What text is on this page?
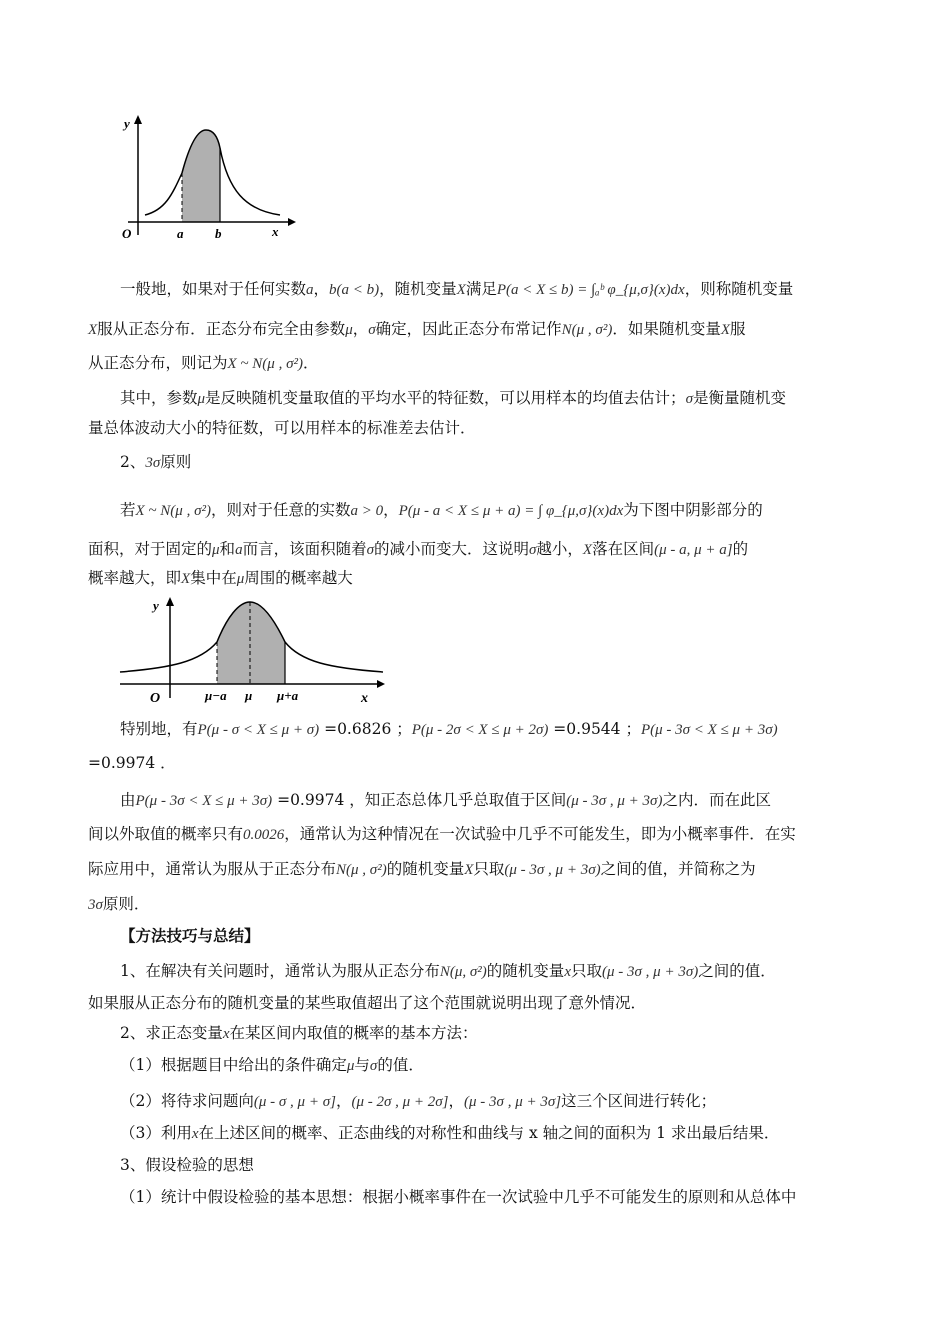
y
O	a b	x
y
O	μ−a μ μ+a	x
一般地，如果对于任何实数a，b(a < b)，随机变量X满足P(a < X ≤ b) = ∫ₐᵇ φ_{μ,σ}(x)dx，则称随机变量
X服从正态分布．正态分布完全由参数μ，σ确定，因此正态分布常记作N(μ , σ²)．如果随机变量X服
从正态分布，则记为X ~ N(μ , σ²)．
其中，参数μ是反映随机变量取值的平均水平的特征数，可以用样本的均值去估计；σ是衡量随机变
量总体波动大小的特征数，可以用样本的标准差去估计．
2、3σ原则
若X ~ N(μ , σ²)，则对于任意的实数a > 0，P(μ - a < X ≤ μ + a) = ∫ φ_{μ,σ}(x)dx为下图中阴影部分的
面积，对于固定的μ和a而言，该面积随着σ的减小而变大．这说明σ越小，X落在区间(μ - a, μ + a]的
概率越大，即X集中在μ周围的概率越大
特别地，有P(μ - σ < X ≤ μ + σ) =0.6826 ；P(μ - 2σ < X ≤ μ + 2σ) =0.9544 ；P(μ - 3σ < X ≤ μ + 3σ)
=0.9974 ．
由P(μ - 3σ < X ≤ μ + 3σ) =0.9974 ，知正态总体几乎总取值于区间(μ - 3σ , μ + 3σ)之内．而在此区
间以外取值的概率只有0.0026，通常认为这种情况在一次试验中几乎不可能发生，即为小概率事件．在实
际应用中，通常认为服从于正态分布N(μ , σ²)的随机变量X只取(μ - 3σ , μ + 3σ)之间的值，并简称之为
3σ原则．
【方法技巧与总结】
1、在解决有关问题时，通常认为服从正态分布N(μ, σ²)的随机变量x只取(μ - 3σ , μ + 3σ)之间的值．
如果服从正态分布的随机变量的某些取值超出了这个范围就说明出现了意外情况．
2、求正态变量x在某区间内取值的概率的基本方法：
（1）根据题目中给出的条件确定μ与σ的值．
（2）将待求问题向(μ - σ , μ + σ]，(μ - 2σ , μ + 2σ]，(μ - 3σ , μ + 3σ]这三个区间进行转化；
（3）利用x在上述区间的概率、正态曲线的对称性和曲线与 x 轴之间的面积为 1 求出最后结果．
3、假设检验的思想
（1）统计中假设检验的基本思想：根据小概率事件在一次试验中几乎不可能发生的原则和从总体中
